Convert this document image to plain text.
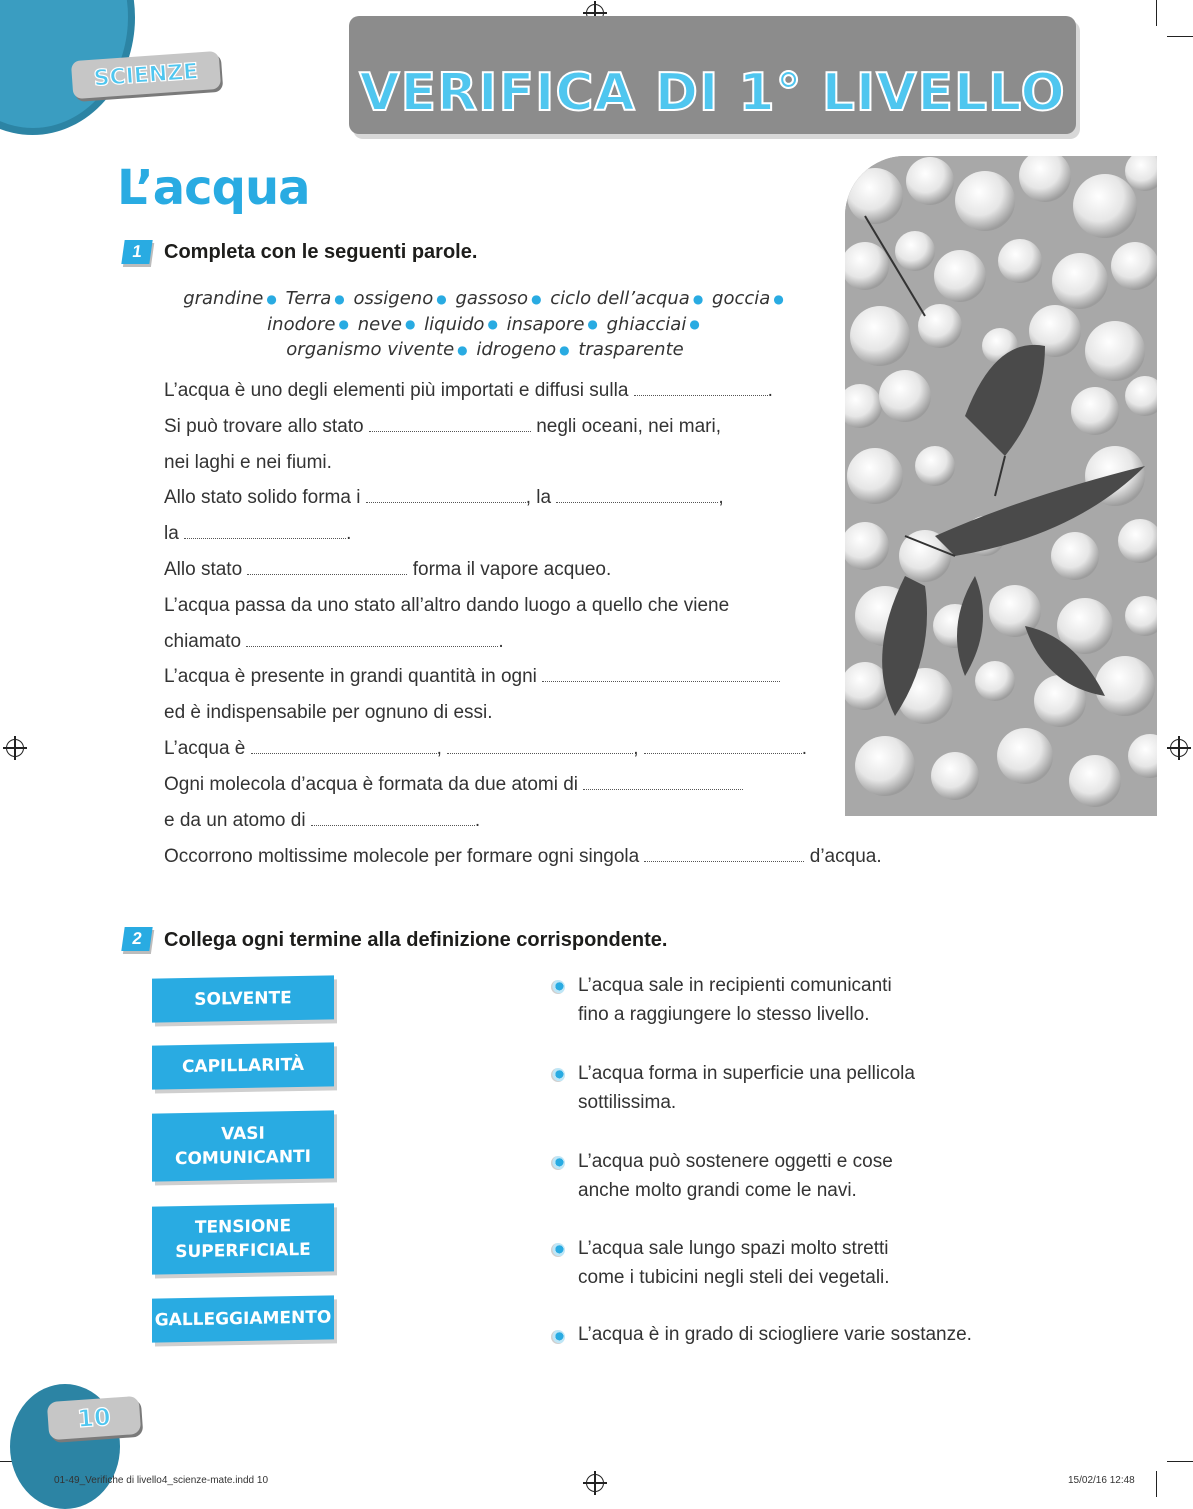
SCIENZE	VERIFICA DI 1° LIVELLO
L’acqua
1	Completa con le seguenti parole.
grandine ● Terra ● ossigeno ● gassoso ● ciclo dell’acqua ● goccia ●
inodore ● neve ● liquido ● insapore ● ghiacciai ●
organismo vivente ● idrogeno ● trasparente
L’acqua è uno degli elementi più importati e diffusi sulla	.
Si può trovare allo stato	negli oceani, nei mari,
nei laghi e nei fiumi.
Allo stato solido forma i	, la	,
la	.
Allo stato	forma il vapore acqueo.
L’acqua passa da uno stato all’altro dando luogo a quello che viene
chiamato	.
L’acqua è presente in grandi quantità in ogni
ed è indispensabile per ognuno di essi.
L’acqua è	,	,	.
Ogni molecola d’acqua è formata da due atomi di
e da un atomo di	.
Occorrono moltissime molecole per formare ogni singola	d’acqua.
2	Collega ogni termine alla definizione corrispondente.
SOLVENTE
CAPILLARITÀ
VASI
COMUNICANTI
TENSIONE
SUPERFICIALE
GALLEGGIAMENTO
L’acqua sale in recipienti comunicanti
fino a raggiungere lo stesso livello.
L’acqua forma in superficie una pellicola
sottilissima.
L’acqua può sostenere oggetti e cose
anche molto grandi come le navi.
L’acqua sale lungo spazi molto stretti
come i tubicini negli steli dei vegetali.
L’acqua è in grado di sciogliere varie sostanze.
10
01-49_Verifiche di livello4_scienze-mate.indd 10	15/02/16 12:48
